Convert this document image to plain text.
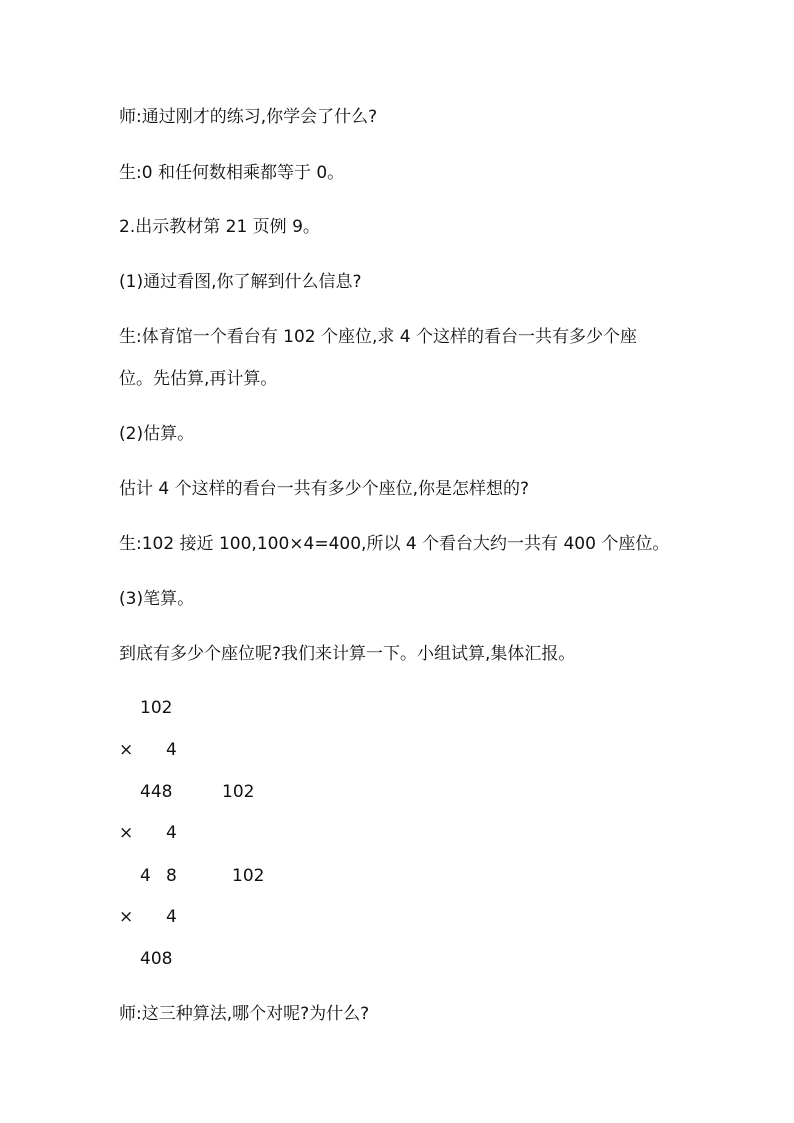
师:通过刚才的练习,你学会了什么?
生:0 和任何数相乘都等于 0。
2.出示教材第 21 页例 9。
(1)通过看图,你了解到什么信息?
生:体育馆一个看台有 102 个座位,求 4 个这样的看台一共有多少个座
位。先估算,再计算。
(2)估算。
估计 4 个这样的看台一共有多少个座位,你是怎样想的?
生:102 接近 100,100×4=400,所以 4 个看台大约一共有 400 个座位。
(3)笔算。
到底有多少个座位呢?我们来计算一下。小组试算,集体汇报。
102
× 4
448	102
× 4
4 8	102
× 4
408
师:这三种算法,哪个对呢?为什么?
